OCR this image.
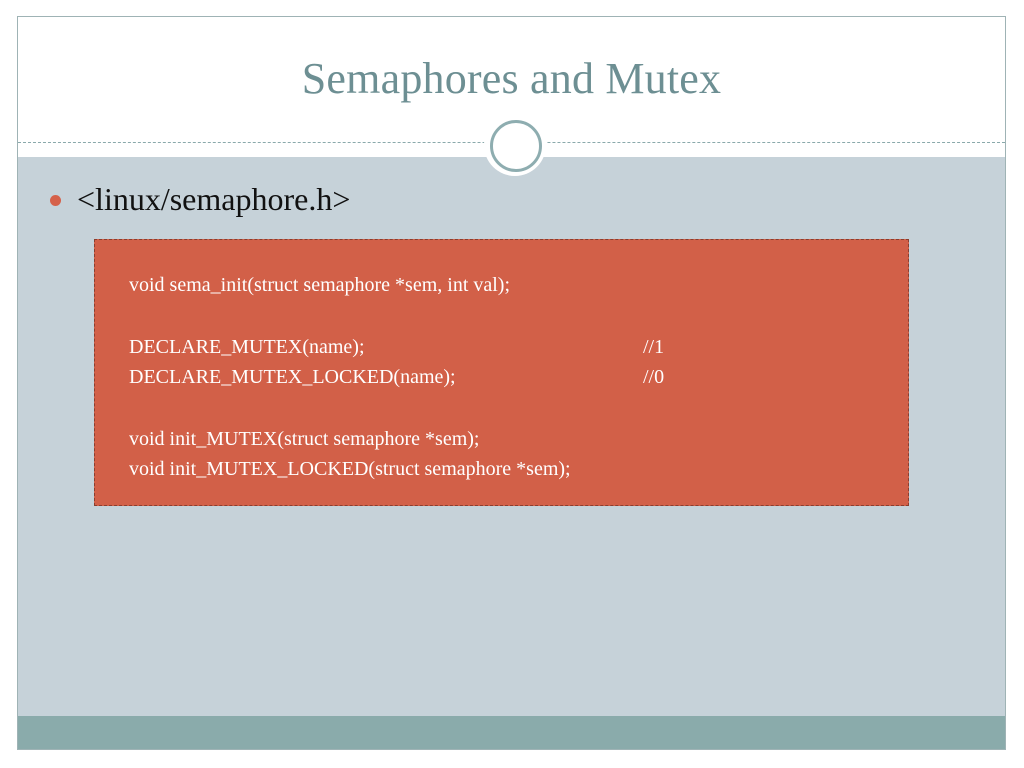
Semaphores and Mutex
<linux/semaphore.h>
void sema_init(struct semaphore *sem, int val);
DECLARE_MUTEX(name);	//1
DECLARE_MUTEX_LOCKED(name);	//0
void init_MUTEX(struct semaphore *sem);
void init_MUTEX_LOCKED(struct semaphore *sem);
